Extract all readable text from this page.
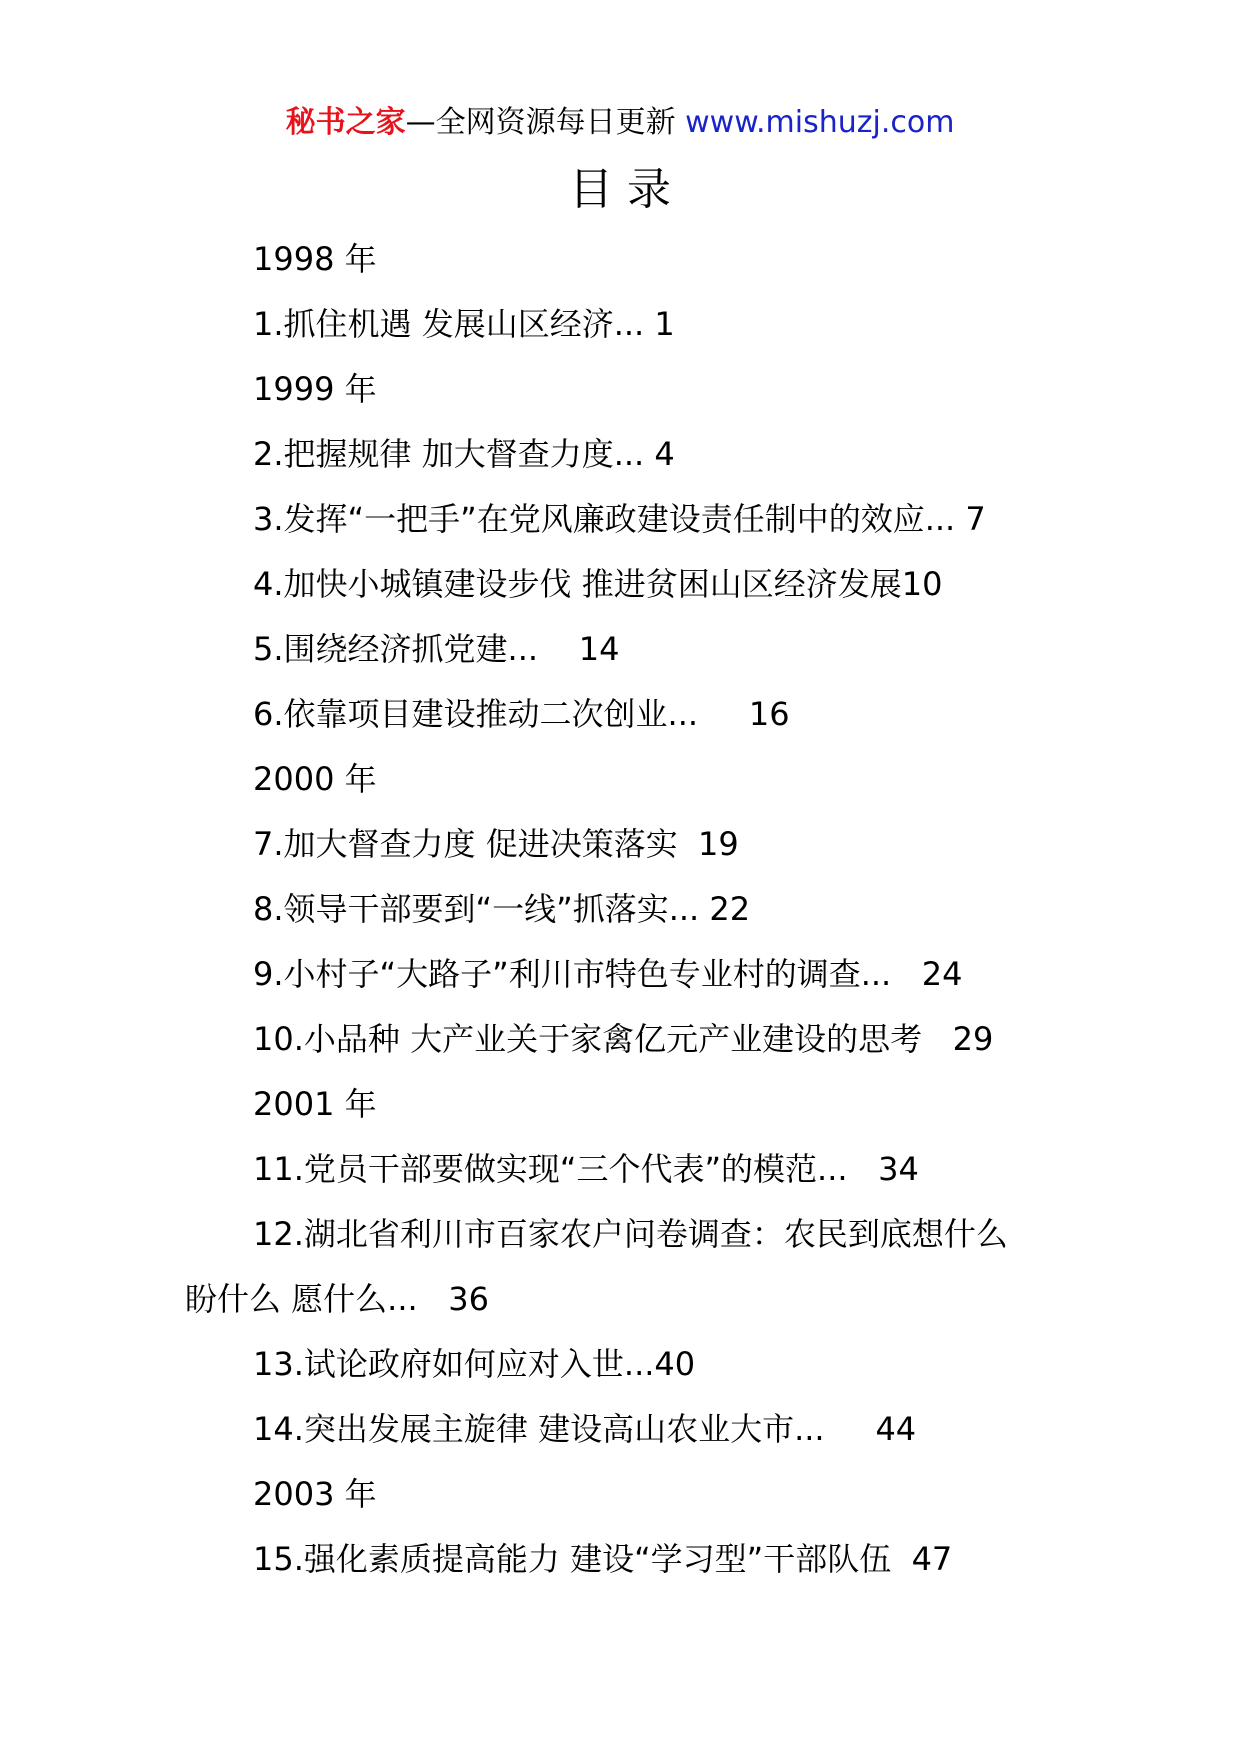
秘书之家—全网资源每日更新 www.mishuzj.com
目 录
1998 年
1.抓住机遇 发展山区经济... 1
1999 年
2.把握规律 加大督查力度... 4
3.发挥“一把手”在党风廉政建设责任制中的效应... 7
4.加快小城镇建设步伐 推进贫困山区经济发展10
5.围绕经济抓党建...    14
6.依靠项目建设推动二次创业...     16
2000 年
7.加大督查力度 促进决策落实  19
8.领导干部要到“一线”抓落实... 22
9.小村子“大路子”利川市特色专业村的调查...   24
10.小品种 大产业关于家禽亿元产业建设的思考   29
2001 年
11.党员干部要做实现“三个代表”的模范...   34
12.湖北省利川市百家农户问卷调查：农民到底想什么
盼什么 愿什么...   36
13.试论政府如何应对入世...40
14.突出发展主旋律 建设高山农业大市...     44
2003 年
15.强化素质提高能力 建设“学习型”干部队伍  47
